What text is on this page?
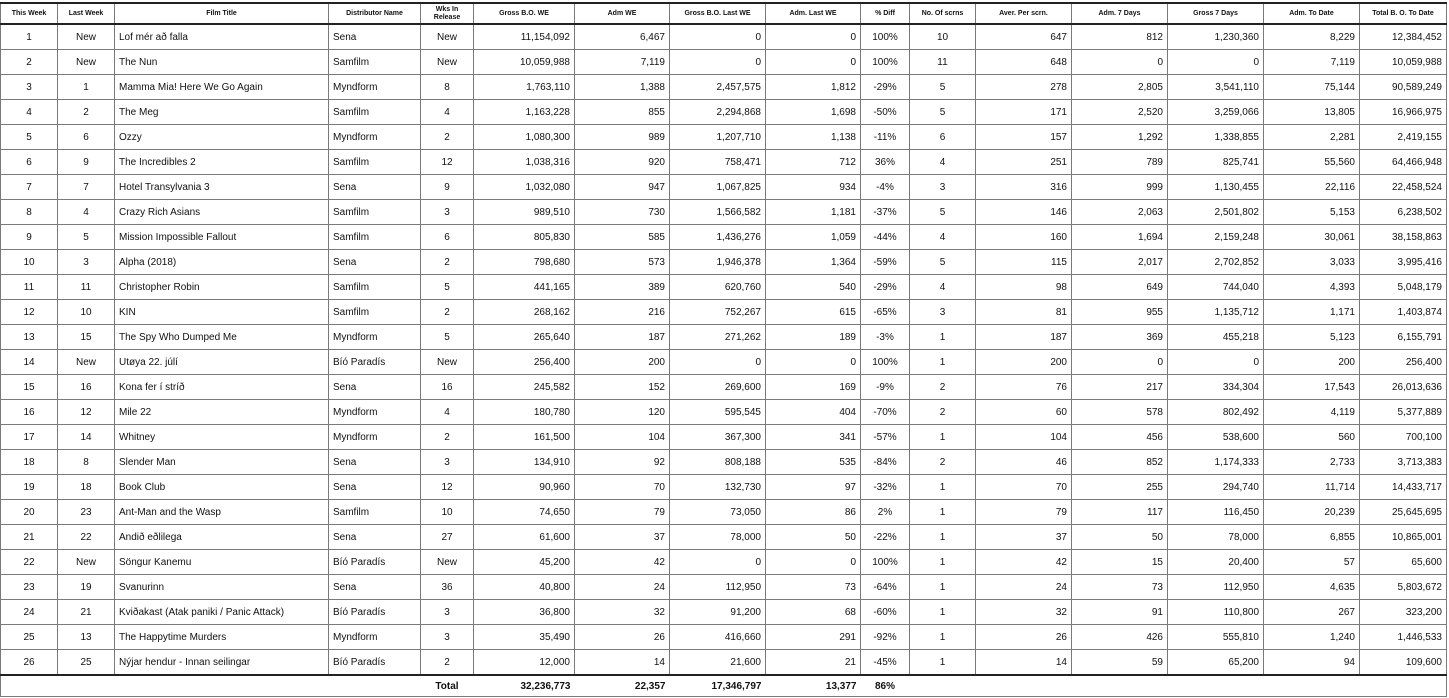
This Week	Last Week	Film Title	Distributor Name	Wks In Release	Gross B.O. WE	Adm WE	Gross B.O. Last WE	Adm. Last WE	% Diff	No. Of scrns	Aver. Per scrn.	Adm. 7 Days	Gross 7 Days	Adm. To Date	Total B. O. To Date
1	New	Lof mér að falla	Sena	New	11,154,092	6,467	0	0	100%	10	647	812	1,230,360	8,229	12,384,452
2	New	The Nun	Samfilm	New	10,059,988	7,119	0	0	100%	11	648	0	0	7,119	10,059,988
3	1	Mamma Mia! Here We Go Again	Myndform	8	1,763,110	1,388	2,457,575	1,812	-29%	5	278	2,805	3,541,110	75,144	90,589,249
4	2	The Meg	Samfilm	4	1,163,228	855	2,294,868	1,698	-50%	5	171	2,520	3,259,066	13,805	16,966,975
5	6	Ozzy	Myndform	2	1,080,300	989	1,207,710	1,138	-11%	6	157	1,292	1,338,855	2,281	2,419,155
6	9	The Incredibles 2	Samfilm	12	1,038,316	920	758,471	712	36%	4	251	789	825,741	55,560	64,466,948
7	7	Hotel Transylvania 3	Sena	9	1,032,080	947	1,067,825	934	-4%	3	316	999	1,130,455	22,116	22,458,524
8	4	Crazy Rich Asians	Samfilm	3	989,510	730	1,566,582	1,181	-37%	5	146	2,063	2,501,802	5,153	6,238,502
9	5	Mission Impossible Fallout	Samfilm	6	805,830	585	1,436,276	1,059	-44%	4	160	1,694	2,159,248	30,061	38,158,863
10	3	Alpha (2018)	Sena	2	798,680	573	1,946,378	1,364	-59%	5	115	2,017	2,702,852	3,033	3,995,416
11	11	Christopher Robin	Samfilm	5	441,165	389	620,760	540	-29%	4	98	649	744,040	4,393	5,048,179
12	10	KIN	Samfilm	2	268,162	216	752,267	615	-65%	3	81	955	1,135,712	1,171	1,403,874
13	15	The Spy Who Dumped Me	Myndform	5	265,640	187	271,262	189	-3%	1	187	369	455,218	5,123	6,155,791
14	New	Utøya 22. júlí	Bíó Paradís	New	256,400	200	0	0	100%	1	200	0	0	200	256,400
15	16	Kona fer í stríð	Sena	16	245,582	152	269,600	169	-9%	2	76	217	334,304	17,543	26,013,636
16	12	Mile 22	Myndform	4	180,780	120	595,545	404	-70%	2	60	578	802,492	4,119	5,377,889
17	14	Whitney	Myndform	2	161,500	104	367,300	341	-57%	1	104	456	538,600	560	700,100
18	8	Slender Man	Sena	3	134,910	92	808,188	535	-84%	2	46	852	1,174,333	2,733	3,713,383
19	18	Book Club	Sena	12	90,960	70	132,730	97	-32%	1	70	255	294,740	11,714	14,433,717
20	23	Ant-Man and the Wasp	Samfilm	10	74,650	79	73,050	86	2%	1	79	117	116,450	20,239	25,645,695
21	22	Andið eðlilega	Sena	27	61,600	37	78,000	50	-22%	1	37	50	78,000	6,855	10,865,001
22	New	Söngur Kanemu	Bíó Paradís	New	45,200	42	0	0	100%	1	42	15	20,400	57	65,600
23	19	Svanurinn	Sena	36	40,800	24	112,950	73	-64%	1	24	73	112,950	4,635	5,803,672
24	21	Kviðakast (Atak paniki / Panic Attack)	Bíó Paradís	3	36,800	32	91,200	68	-60%	1	32	91	110,800	267	323,200
25	13	The Happytime Murders	Myndform	3	35,490	26	416,660	291	-92%	1	26	426	555,810	1,240	1,446,533
26	25	Nýjar hendur - Innan seilingar	Bíó Paradís	2	12,000	14	21,600	21	-45%	1	14	59	65,200	94	109,600
				Total	32,236,773	22,357	17,346,797	13,377	86%						
